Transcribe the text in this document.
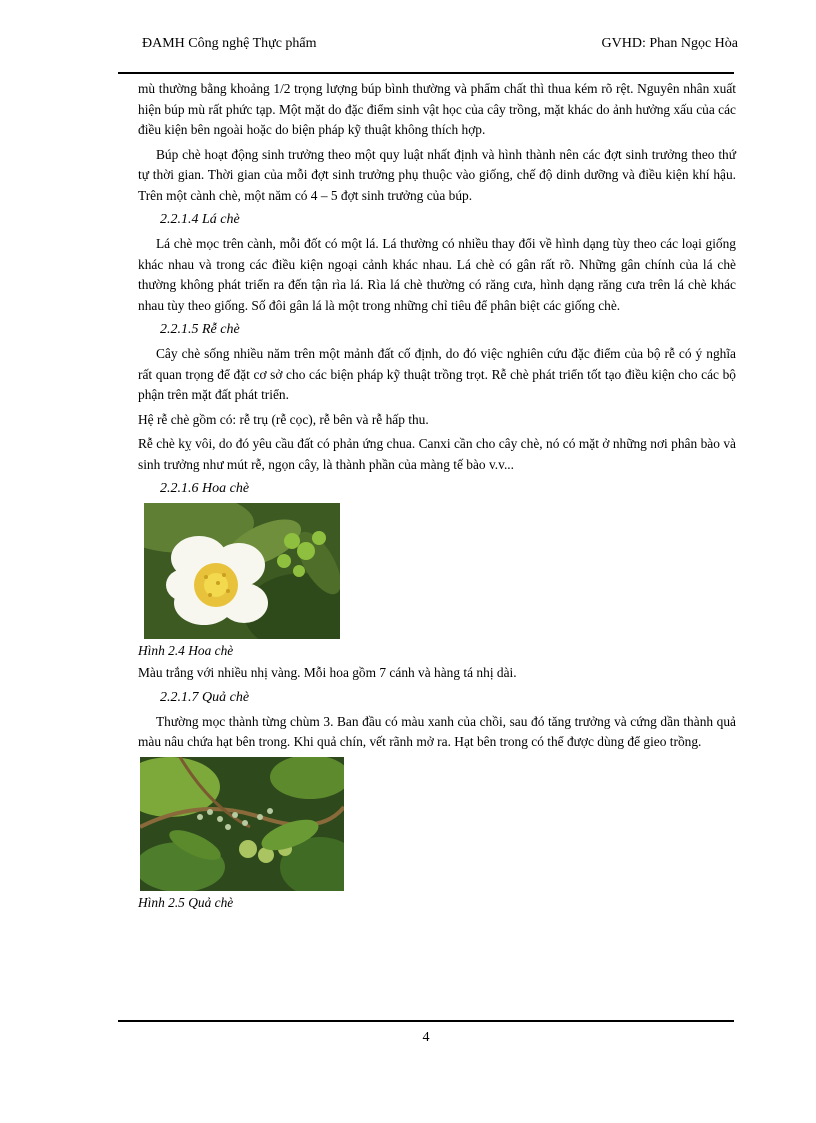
ĐAMH Công nghệ Thực phẩm	GVHD: Phan Ngọc Hòa

mù thường bằng khoảng 1/2 trọng lượng búp bình thường và phẩm chất thì thua kém rõ rệt. Nguyên nhân xuất hiện búp mù rất phức tạp. Một mặt do đặc điểm sinh vật học của cây trồng, mặt khác do ảnh hưởng xấu của các điều kiện bên ngoài hoặc do biện pháp kỹ thuật không thích hợp.

Búp chè hoạt động sinh trưởng theo một quy luật nhất định và hình thành nên các đợt sinh trưởng theo thứ tự thời gian. Thời gian của mỗi đợt sinh trưởng phụ thuộc vào giống, chế độ dinh dưỡng và điều kiện khí hậu. Trên một cành chè, một năm có 4 – 5 đợt sinh trưởng của búp.

2.2.1.4 Lá chè

Lá chè mọc trên cành, mỗi đốt có một lá. Lá thường có nhiều thay đổi về hình dạng tùy theo các loại giống khác nhau và trong các điều kiện ngoại cảnh khác nhau. Lá chè có gân rất rõ. Những gân chính của lá chè thường không phát triển ra đến tận rìa lá. Rìa lá chè thường có răng cưa, hình dạng răng cưa trên lá chè khác nhau tùy theo giống. Số đôi gân lá là một trong những chỉ tiêu để phân biệt các giống chè.

2.2.1.5 Rễ chè

Cây chè sống nhiều năm trên một mảnh đất cố định, do đó việc nghiên cứu đặc điểm của bộ rễ có ý nghĩa rất quan trọng để đặt cơ sở cho các biện pháp kỹ thuật trồng trọt. Rễ chè phát triển tốt tạo điều kiện cho các bộ phận trên mặt đất phát triển.

Hệ rễ chè gồm có: rễ trụ (rễ cọc), rễ bên và rễ hấp thu.

Rễ chè kỵ vôi, do đó yêu cầu đất có phản ứng chua. Canxi cần cho cây chè, nó có mặt ở những nơi phân bào và sinh trưởng như mút rễ, ngọn cây, là thành phần của màng tế bào v.v...

2.2.1.6 Hoa chè
Hình 2.4 Hoa chè

Màu trắng với nhiều nhị vàng. Mỗi hoa gồm 7 cánh và hàng tá nhị dài.

2.2.1.7 Quả chè

Thường mọc thành từng chùm 3. Ban đầu có màu xanh của chồi, sau đó tăng trưởng và cứng dần thành quả màu nâu chứa hạt bên trong. Khi quả chín, vết rãnh mở ra. Hạt bên trong có thể được dùng để gieo trồng.

Hình 2.5 Quả chè
4
